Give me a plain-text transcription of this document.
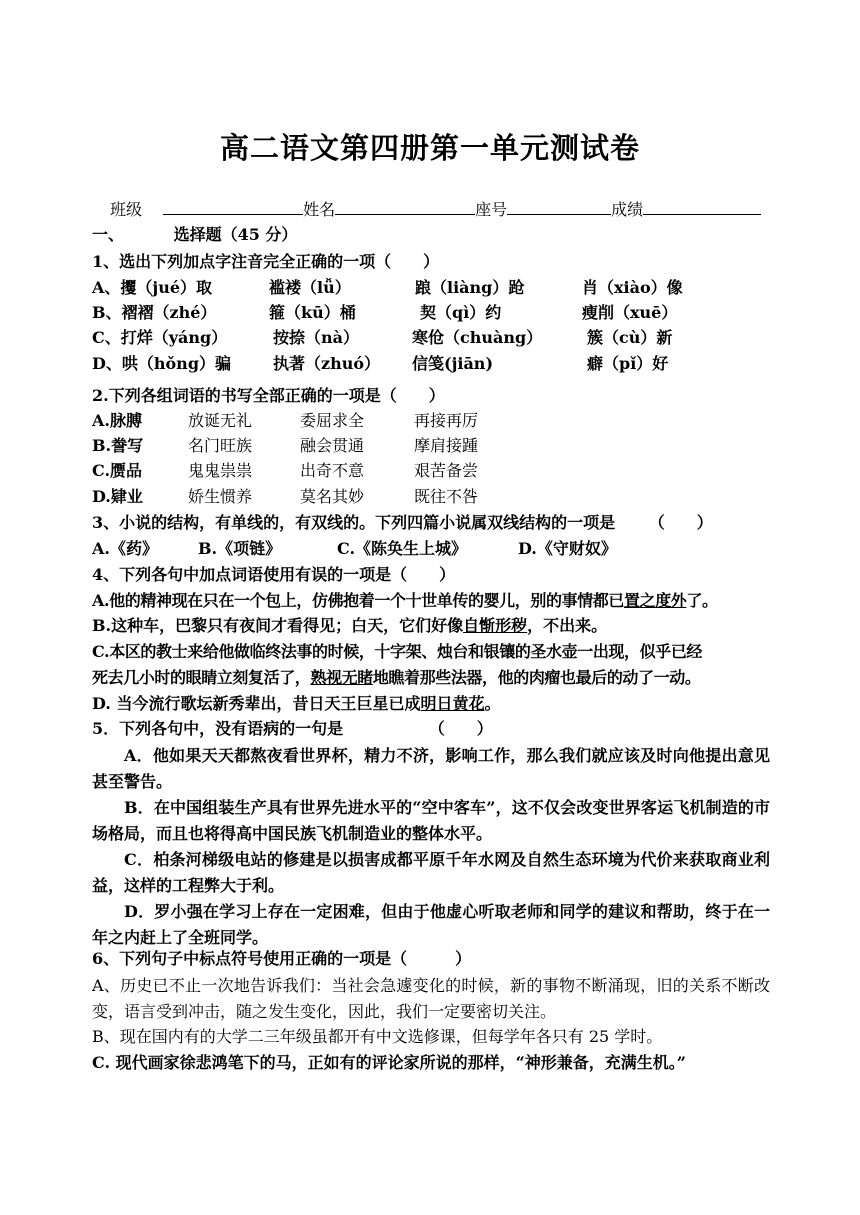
高二语文第四册第一单元测试卷
班级	姓名	座号	成绩
一、	选择题（45 分）
1、选出下列加点字注音完全正确的一项（　　）
A、攫（jué）取	褴褛（lǚ）	踉（liàng）跄	肖（xiào）像
B、褶褶（zhé）	箍（kū）桶	契（qì）约	瘦削（xuē）
C、打烊（yáng）	按捺（nà）	寒伧（chuàng）	簇（cù）新
D、哄（hǒng）骗	执著（zhuó） 信笺(jiān)	癖（pǐ）好
2.下列各组词语的书写全部正确的一项是（　　）
A.脉膊	放诞无礼	委屈求全	再接再厉
B.誊写	名门旺族	融会贯通	摩肩接踵
C.赝品	鬼鬼祟祟	出奇不意	艰苦备尝
D.肄业	娇生惯养	莫名其妙	既往不咎
3、小说的结构，有单线的，有双线的。下列四篇小说属双线结构的一项是 （　　）
A.《药》	B.《项链》	C.《陈奂生上城》	D.《守财奴》
4、下列各句中加点词语使用有误的一项是（　　）
A.他的精神现在只在一个包上，仿佛抱着一个十世单传的婴儿，别的事情都已置之度外了。
B.这种车，巴黎只有夜间才看得见；白天，它们好像自惭形秽，不出来。
C.本区的教士来给他做临终法事的时候，十字架、烛台和银镶的圣水壶一出现，似乎已经
死去几小时的眼睛立刻复活了，熟视无睹地瞧着那些法器，他的肉瘤也最后的动了一动。
D. 当今流行歌坛新秀辈出，昔日天王巨星已成明日黄花。
5．下列各句中，没有语病的一句是	（　　）
A．他如果天天都熬夜看世界杯，精力不济，影响工作，那么我们就应该及时向他提出意见甚至警告。
B．在中国组装生产具有世界先进水平的“空中客车”，这不仅会改变世界客运飞机制造的市场格局，而且也将得高中国民族飞机制造业的整体水平。
C．柏条河梯级电站的修建是以损害成都平原千年水网及自然生态环境为代价来获取商业利益，这样的工程弊大于利。
D．罗小强在学习上存在一定困难，但由于他虚心听取老师和同学的建议和帮助，终于在一年之内赶上了全班同学。
6、下列句子中标点符号使用正确的一项是（　　　）
A、历史已不止一次地告诉我们：当社会急遽变化的时候，新的事物不断涌现，旧的关系不断改变，语言受到冲击，随之发生变化，因此，我们一定要密切关注。
B、现在国内有的大学二三年级虽都开有中文选修课，但每学年各只有 25 学时。
C. 现代画家徐悲鸿笔下的马，正如有的评论家所说的那样，“神形兼备，充满生机。”
